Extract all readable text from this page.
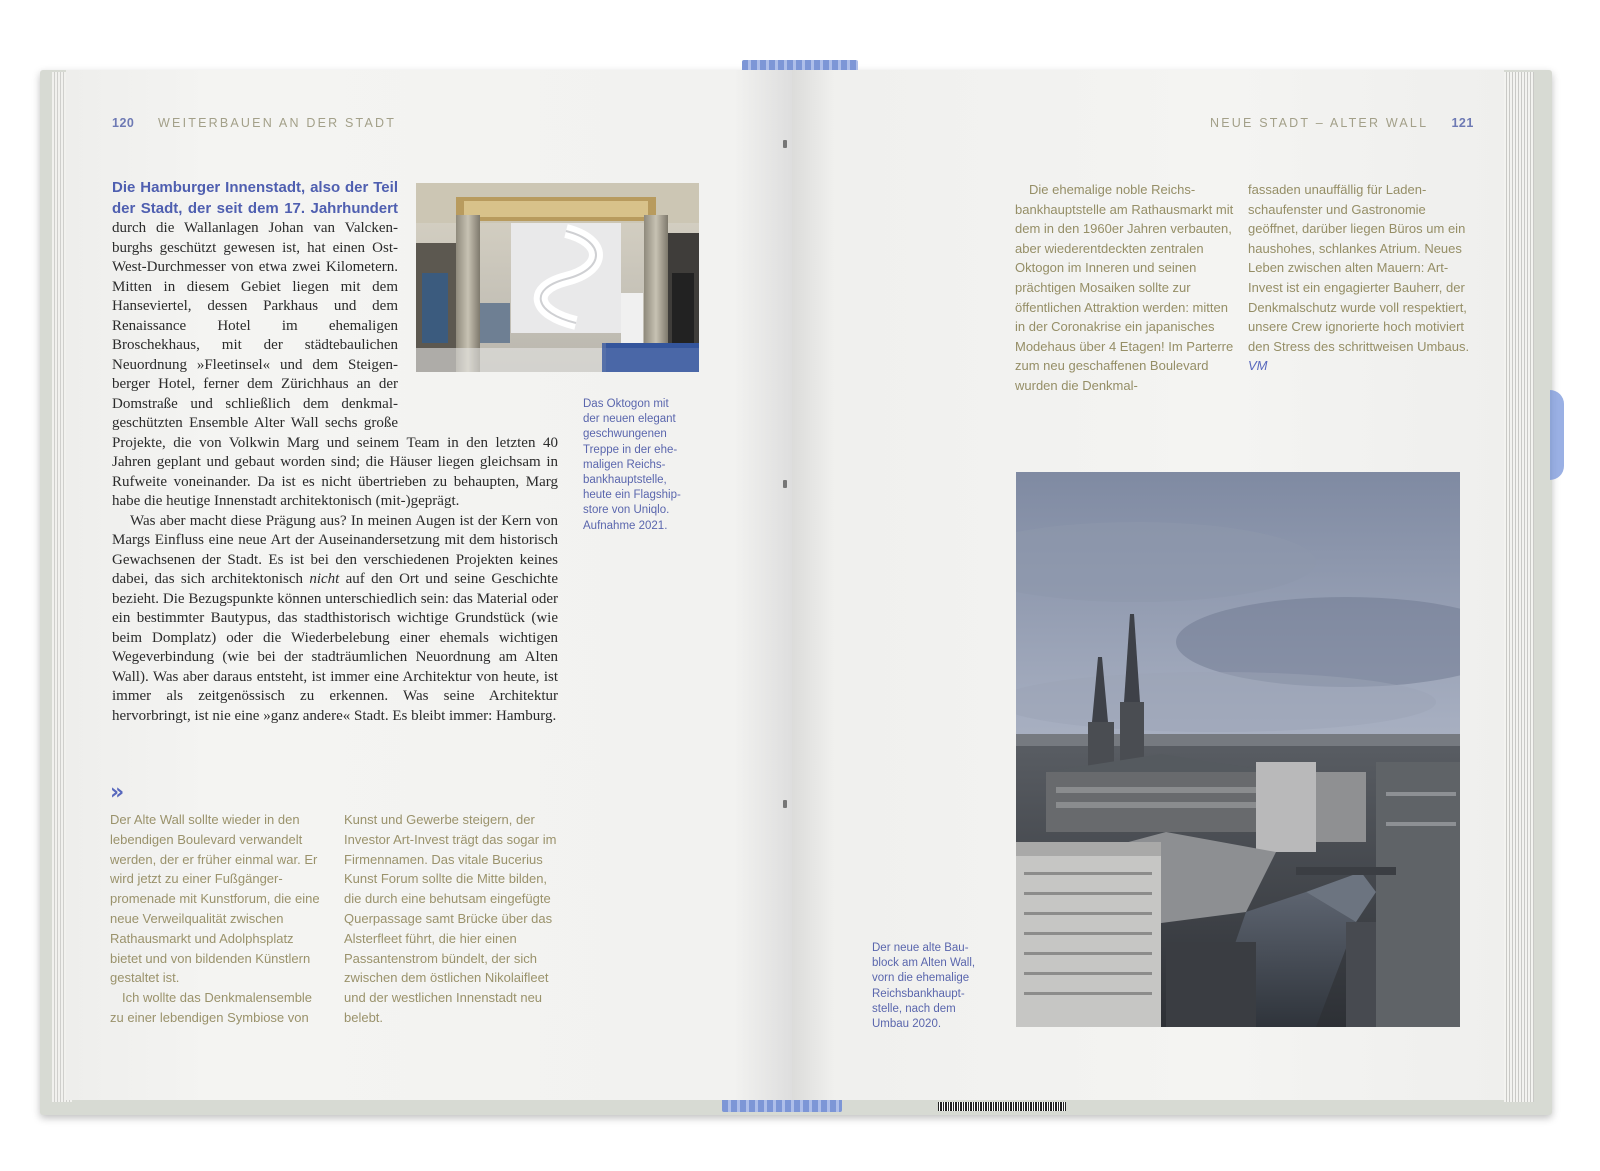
120 WEITERBAUEN AN DER STADT

Die Hamburger Innenstadt, also der Teil der Stadt, der seit dem 17. Jahrhundert durch die Wallanlagen Johan van Valckenburghs geschützt gewesen ist, hat einen Ost-West-Durchmesser von etwa zwei Kilometern. Mitten in diesem Gebiet liegen mit dem Hanseviertel, dessen Parkhaus und dem Renaissance Hotel im ehemaligen Broschekhaus, mit der städtebaulichen Neuordnung »Fleetinsel« und dem Steigenberger Hotel, ferner dem Zürichhaus an der Domstraße und schließlich dem denkmalgeschützten Ensemble Alter Wall sechs große Projekte, die von Volkwin Marg und seinem Team in den letzten 40 Jahren geplant und gebaut worden sind; die Häuser liegen gleichsam in Rufweite voneinander. Da ist es nicht übertrieben zu behaupten, Marg habe die heutige Innenstadt architektonisch (mit-)geprägt.

Was aber macht diese Prägung aus? In meinen Augen ist der Kern von Margs Einfluss eine neue Art der Auseinandersetzung mit dem historisch Gewachsenen der Stadt. Es ist bei den verschiedenen Projekten keines dabei, das sich architektonisch nicht auf den Ort und seine Geschichte bezieht. Die Bezugspunkte können unterschiedlich sein: das Material oder ein bestimmter Bautypus, das stadthistorisch wichtige Grundstück (wie beim Domplatz) oder die Wiederbelebung einer ehemals wichtigen Wegeverbindung (wie bei der stadträumlichen Neuordnung am Alten Wall). Was aber daraus entsteht, ist immer eine Architektur von heute, ist immer als zeitgenössisch zu erkennen. Was seine Architektur hervorbringt, ist nie eine »ganz andere« Stadt. Es bleibt immer: Hamburg.

Das Oktogon mit
der neuen elegant
geschwungenen
Treppe in der ehe-
maligen Reichs-
bankhauptstelle,
heute ein Flagship-
store von Uniqlo.
Aufnahme 2021.
»

Der Alte Wall sollte wieder in den lebendigen Boulevard verwandelt werden, der er früher einmal war. Er wird jetzt zu einer Fußgängerpromenade mit Kunstforum, die eine neue Verweilqualität zwischen Rathausmarkt und Adolphsplatz bietet und von bildenden Künstlern gestaltet ist.

Ich wollte das Denkmalensemble zu einer lebendigen Symbiose von

Kunst und Gewerbe steigern, der Investor Art-Invest trägt das sogar im Firmennamen. Das vitale Bucerius Kunst Forum sollte die Mitte bilden, die durch eine behutsam eingefügte Querpassage samt Brücke über das Alsterfleet führt, die hier einen Passantenstrom bündelt, der sich zwischen dem östlichen Nikolaifleet und der westlichen Innenstadt neu belebt.

NEUE STADT – ALTER WALL 121

Die ehemalige noble Reichsbankhauptstelle am Rathausmarkt mit dem in den 1960er Jahren verbauten, aber wiederentdeckten zentralen Oktogon im Inneren und seinen prächtigen Mosaiken sollte zur öffentlichen Attraktion werden: mitten in der Coronakrise ein japanisches Modehaus über 4 Etagen! Im Parterre zum neu geschaffenen Boulevard wurden die Denkmal-

fassaden unauffällig für Ladenschaufenster und Gastronomie geöffnet, darüber liegen Büros um ein haushohes, schlankes Atrium. Neues Leben zwischen alten Mauern: Art-Invest ist ein engagierter Bauherr, der Denkmalschutz wurde voll respektiert, unsere Crew ignorierte hoch motiviert den Stress des schrittweisen Umbaus. VM

Der neue alte Bau-
block am Alten Wall,
vorn die ehemalige
Reichsbankhaupt-
stelle, nach dem
Umbau 2020.
